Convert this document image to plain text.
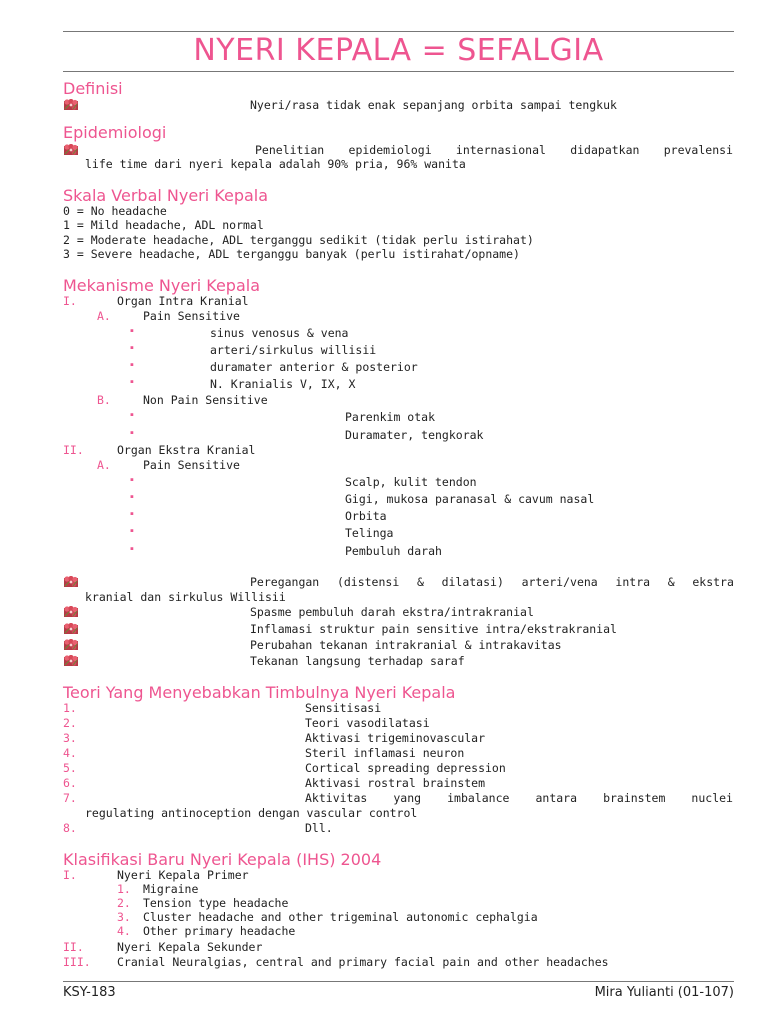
NYERI KEPALA = SEFALGIA
Definisi
Nyeri/rasa tidak enak sepanjang orbita sampai tengkuk
Epidemiologi
Penelitian epidemiologi internasional didapatkan prevalensi
life time dari nyeri kepala adalah 90% pria, 96% wanita
Skala Verbal Nyeri Kepala
0 = No headache
1 = Mild headache, ADL normal
2 = Moderate headache, ADL terganggu sedikit (tidak perlu istirahat)
3 = Severe headache, ADL terganggu banyak (perlu istirahat/opname)
Mekanisme Nyeri Kepala
I.	Organ Intra Kranial
A.	Pain Sensitive
▪	sinus venosus & vena
▪	arteri/sirkulus willisii
▪	duramater anterior & posterior
▪	N. Kranialis V, IX, X
B.	Non Pain Sensitive
▪	Parenkim otak
▪	Duramater, tengkorak
II.	Organ Ekstra Kranial
A.	Pain Sensitive
▪	Scalp, kulit tendon
▪	Gigi, mukosa paranasal & cavum nasal
▪	Orbita
▪	Telinga
▪	Pembuluh darah
Peregangan (distensi & dilatasi) arteri/vena intra & ekstra
kranial dan sirkulus Willisii
Spasme pembuluh darah ekstra/intrakranial
Inflamasi struktur pain sensitive intra/ekstrakranial
Perubahan tekanan intrakranial & intrakavitas
Tekanan langsung terhadap saraf
Teori Yang Menyebabkan Timbulnya Nyeri Kepala
1.	Sensitisasi
2.	Teori vasodilatasi
3.	Aktivasi trigeminovascular
4.	Steril inflamasi neuron
5.	Cortical spreading depression
6.	Aktivasi rostral brainstem
7.	Aktivitas yang imbalance antara brainstem nuclei
regulating antinoception dengan vascular control
8.	Dll.
Klasifikasi Baru Nyeri Kepala (IHS) 2004
I.	Nyeri Kepala Primer
1. Migraine
2. Tension type headache
3. Cluster headache and other trigeminal autonomic cephalgia
4. Other primary headache
II.	Nyeri Kepala Sekunder
III. Cranial Neuralgias, central and primary facial pain and other headaches
KSY-183	Mira Yulianti (01-107)
